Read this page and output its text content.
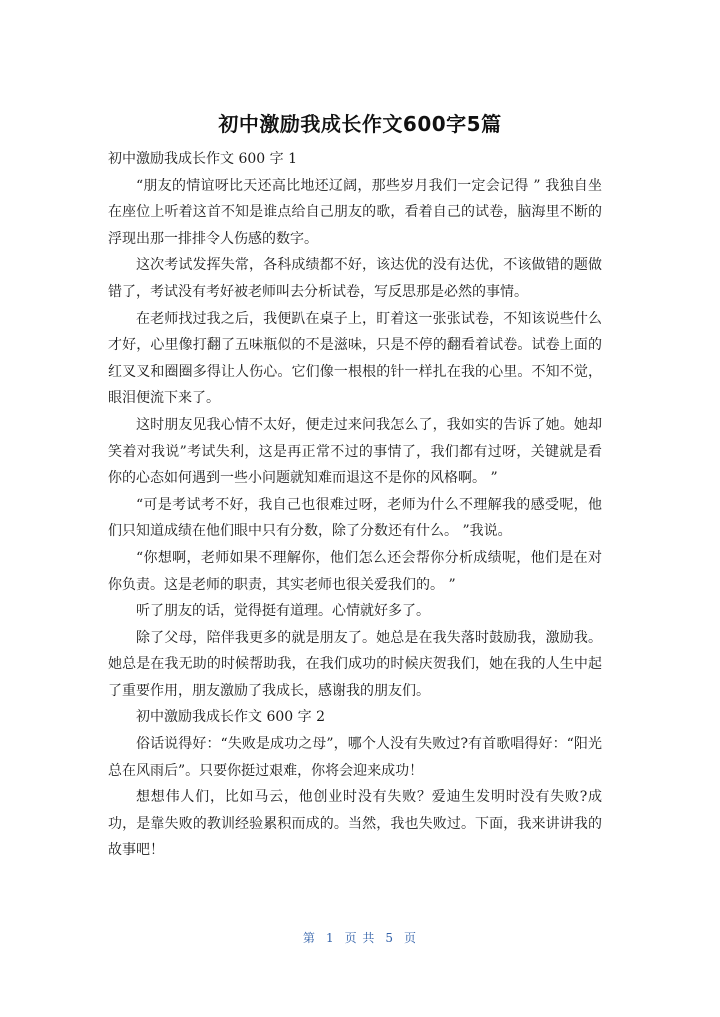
初中激励我成长作文600字5篇

初中激励我成长作文 600 字 1

“朋友的情谊呀比天还高比地还辽阔，那些岁月我们一定会记得 ” 我独自坐在座位上听着这首不知是谁点给自己朋友的歌，看着自己的试卷，脑海里不断的浮现出那一排排令人伤感的数字。

这次考试发挥失常，各科成绩都不好，该达优的没有达优，不该做错的题做错了，考试没有考好被老师叫去分析试卷，写反思那是必然的事情。

在老师找过我之后，我便趴在桌子上，盯着这一张张试卷，不知该说些什么才好，心里像打翻了五味瓶似的不是滋味，只是不停的翻看着试卷。试卷上面的红叉叉和圈圈多得让人伤心。它们像一根根的针一样扎在我的心里。不知不觉，眼泪便流下来了。

这时朋友见我心情不太好，便走过来问我怎么了，我如实的告诉了她。她却笑着对我说”考试失利，这是再正常不过的事情了，我们都有过呀，关键就是看你的心态如何遇到一些小问题就知难而退这不是你的风格啊。 ”

“可是考试考不好，我自己也很难过呀，老师为什么不理解我的感受呢，他们只知道成绩在他们眼中只有分数，除了分数还有什么。 ”我说。

“你想啊，老师如果不理解你，他们怎么还会帮你分析成绩呢，他们是在对你负责。这是老师的职责，其实老师也很关爱我们的。 ”

听了朋友的话，觉得挺有道理。心情就好多了。

除了父母，陪伴我更多的就是朋友了。她总是在我失落时鼓励我，激励我。她总是在我无助的时候帮助我，在我们成功的时候庆贺我们，她在我的人生中起了重要作用，朋友激励了我成长，感谢我的朋友们。

初中激励我成长作文 600 字 2

俗话说得好：“失败是成功之母”，哪个人没有失败过?有首歌唱得好：“阳光总在风雨后”。只要你挺过艰难，你将会迎来成功！

想想伟人们，比如马云，他创业时没有失败？爱迪生发明时没有失败?成功，是靠失败的教训经验累积而成的。当然，我也失败过。下面，我来讲讲我的故事吧！

第 1 页 共 5 页
